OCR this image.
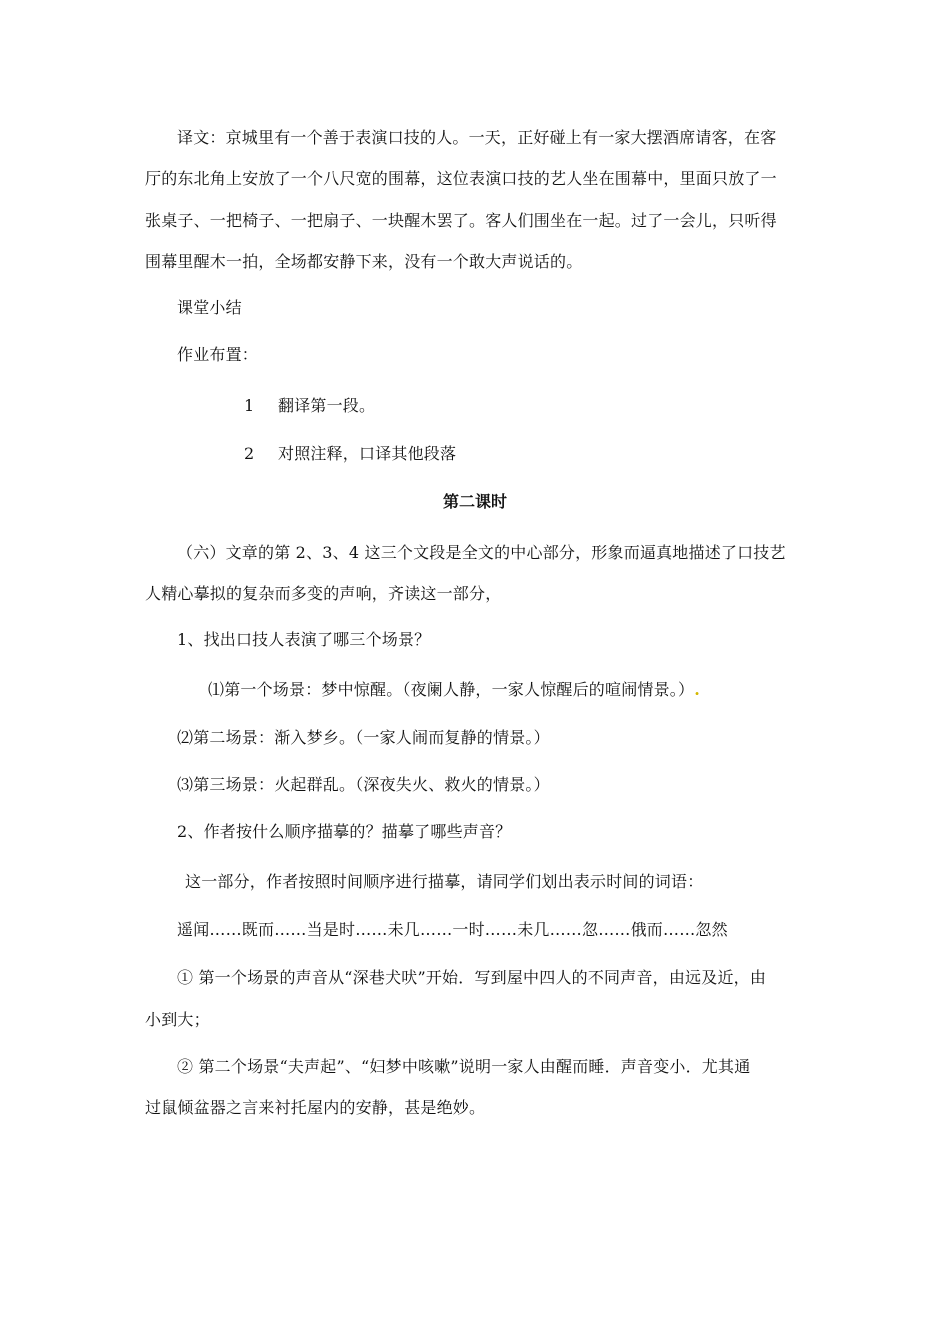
译文：京城里有一个善于表演口技的人。一天，正好碰上有一家大摆酒席请客，在客
厅的东北角上安放了一个八尺宽的围幕，这位表演口技的艺人坐在围幕中，里面只放了一
张桌子、一把椅子、一把扇子、一块醒木罢了。客人们围坐在一起。过了一会儿，只听得
围幕里醒木一拍，全场都安静下来，没有一个敢大声说话的。
课堂小结
作业布置：
1 翻译第一段。
2 对照注释，口译其他段落
第二课时
（六）文章的第 2、3、4 这三个文段是全文的中心部分，形象而逼真地描述了口技艺
人精心摹拟的复杂而多变的声响，齐读这一部分，
1、找出口技人表演了哪三个场景？
⑴第一个场景：梦中惊醒。（夜阑人静，一家人惊醒后的喧闹情景。）.
⑵第二场景：渐入梦乡。（一家人闹而复静的情景。）
⑶第三场景：火起群乱。（深夜失火、救火的情景。）
2、作者按什么顺序描摹的？描摹了哪些声音？
这一部分，作者按照时间顺序进行描摹，请同学们划出表示时间的词语：
遥闻……既而……当是时……未几……一时……未几……忽……俄而……忽然
① 第一个场景的声音从“深巷犬吠”开始．写到屋中四人的不同声音，由远及近，由
小到大；
② 第二个场景“夫声起”、“妇梦中咳嗽”说明一家人由醒而睡．声音变小．尤其通
过鼠倾盆器之言来衬托屋内的安静，甚是绝妙。
